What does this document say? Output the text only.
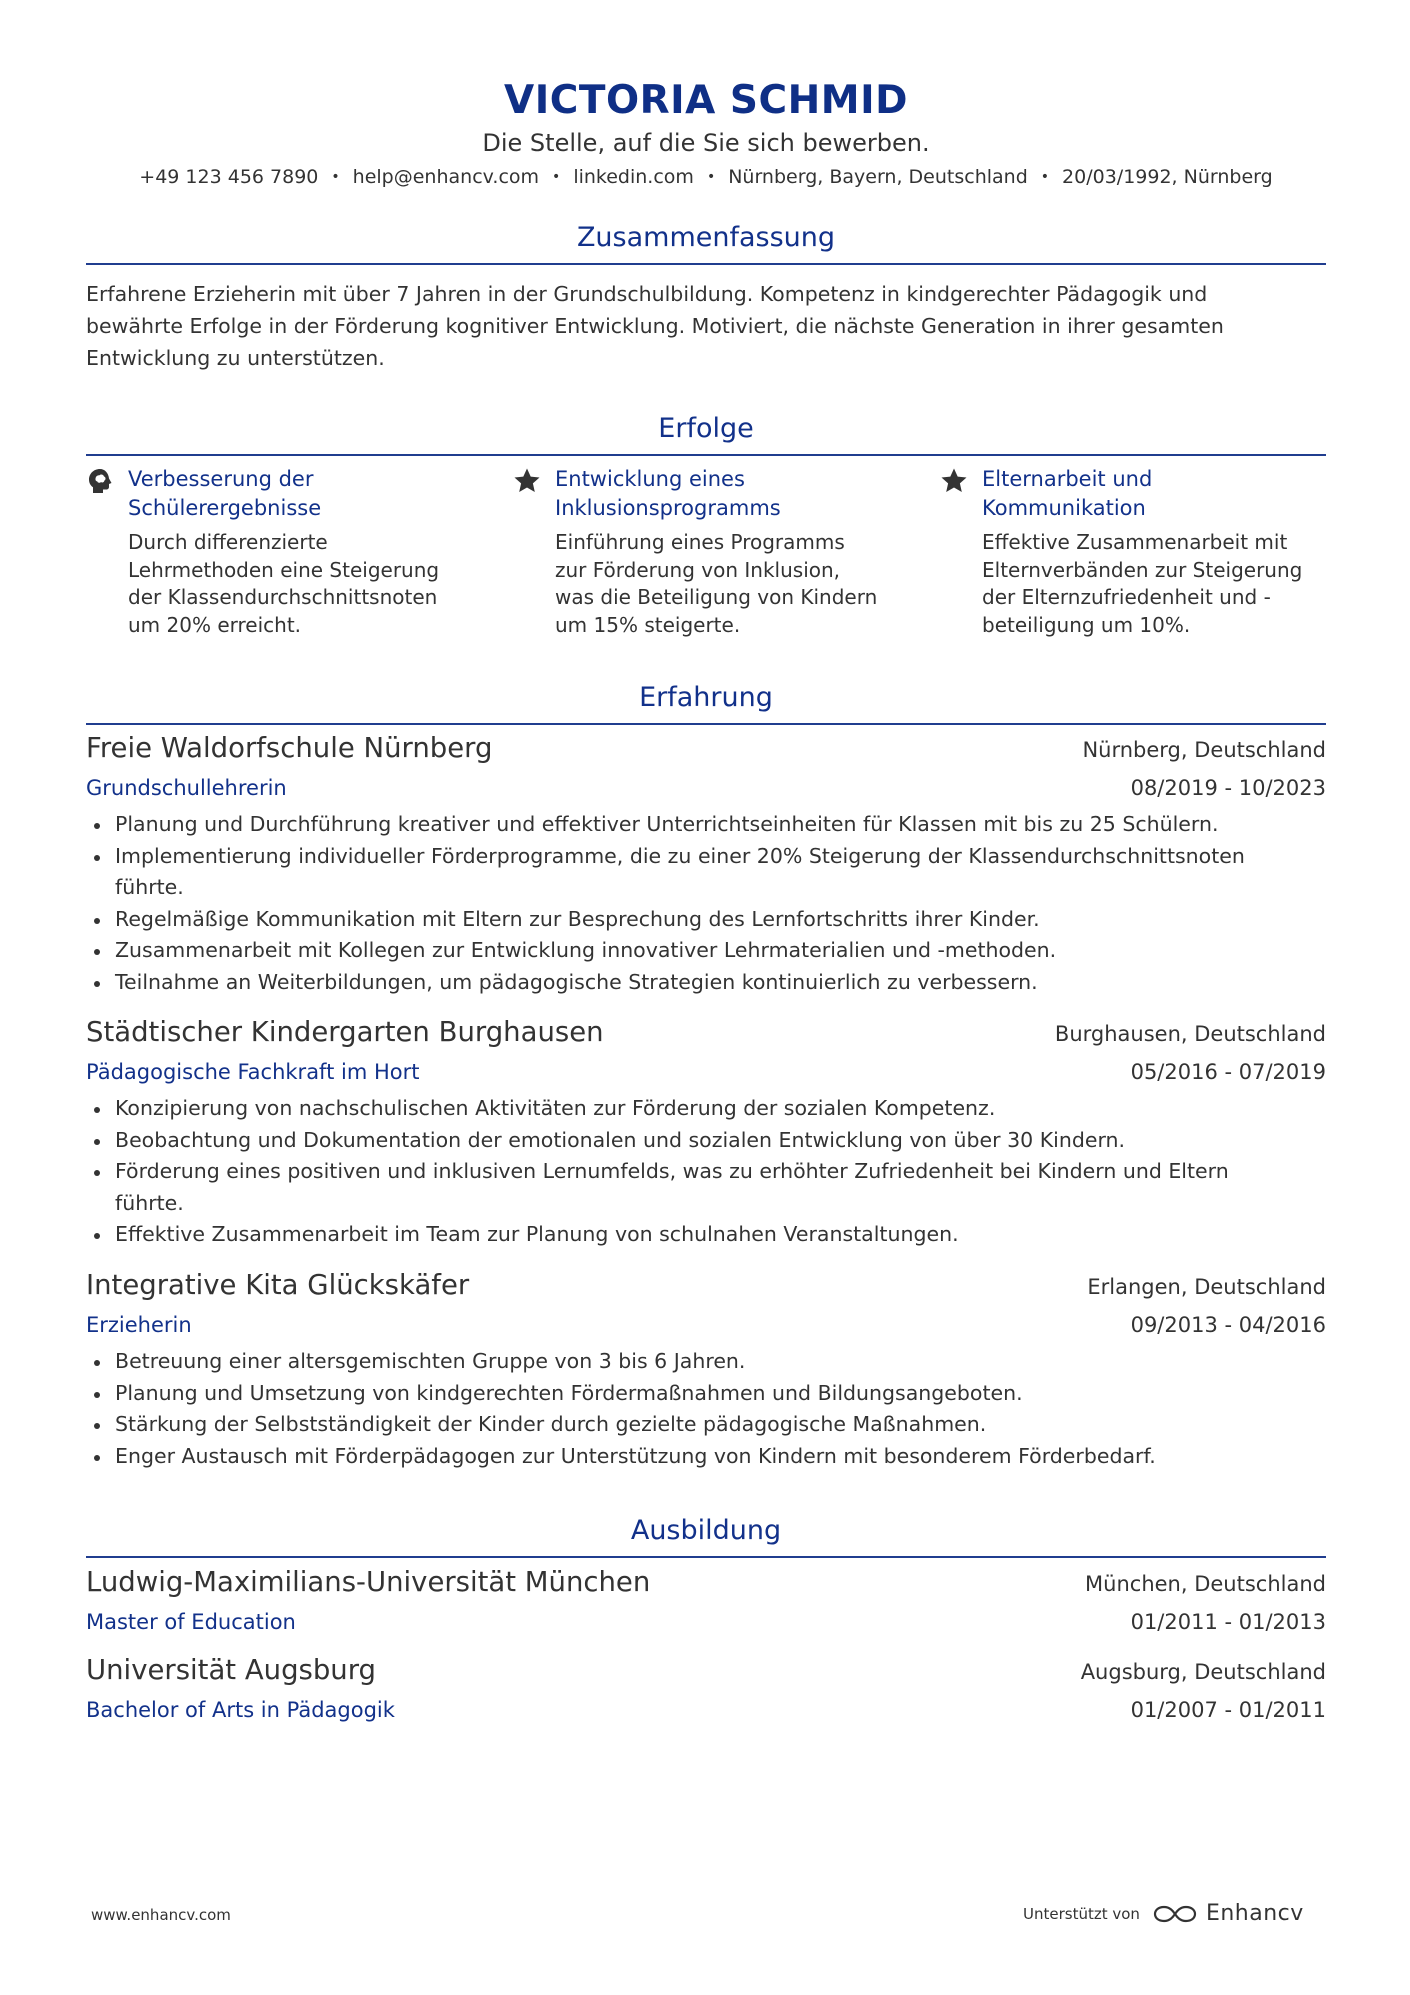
VICTORIA SCHMID
Die Stelle, auf die Sie sich bewerben.
+49 123 456 7890 • help@enhancv.com • linkedin.com • Nürnberg, Bayern, Deutschland • 20/03/1992, Nürnberg
Zusammenfassung
Erfahrene Erzieherin mit über 7 Jahren in der Grundschulbildung. Kompetenz in kindgerechter Pädagogik und
bewährte Erfolge in der Förderung kognitiver Entwicklung. Motiviert, die nächste Generation in ihrer gesamten
Entwicklung zu unterstützen.
Erfolge
Verbesserung der
Schülerergebnisse
Durch differenzierte
Lehrmethoden eine Steigerung
der Klassendurchschnittsnoten
um 20% erreicht.
Entwicklung eines
Inklusionsprogramms
Einführung eines Programms
zur Förderung von Inklusion,
was die Beteiligung von Kindern
um 15% steigerte.
Elternarbeit und
Kommunikation
Effektive Zusammenarbeit mit
Elternverbänden zur Steigerung
der Elternzufriedenheit und -
beteiligung um 10%.
Erfahrung
Freie Waldorfschule Nürnberg	Nürnberg, Deutschland
Grundschullehrerin	08/2019 - 10/2023
Planung und Durchführung kreativer und effektiver Unterrichtseinheiten für Klassen mit bis zu 25 Schülern.
Implementierung individueller Förderprogramme, die zu einer 20% Steigerung der Klassendurchschnittsnoten
führte.
Regelmäßige Kommunikation mit Eltern zur Besprechung des Lernfortschritts ihrer Kinder.
Zusammenarbeit mit Kollegen zur Entwicklung innovativer Lehrmaterialien und -methoden.
Teilnahme an Weiterbildungen, um pädagogische Strategien kontinuierlich zu verbessern.
Städtischer Kindergarten Burghausen	Burghausen, Deutschland
Pädagogische Fachkraft im Hort	05/2016 - 07/2019
Konzipierung von nachschulischen Aktivitäten zur Förderung der sozialen Kompetenz.
Beobachtung und Dokumentation der emotionalen und sozialen Entwicklung von über 30 Kindern.
Förderung eines positiven und inklusiven Lernumfelds, was zu erhöhter Zufriedenheit bei Kindern und Eltern
führte.
Effektive Zusammenarbeit im Team zur Planung von schulnahen Veranstaltungen.
Integrative Kita Glückskäfer	Erlangen, Deutschland
Erzieherin	09/2013 - 04/2016
Betreuung einer altersgemischten Gruppe von 3 bis 6 Jahren.
Planung und Umsetzung von kindgerechten Fördermaßnahmen und Bildungsangeboten.
Stärkung der Selbstständigkeit der Kinder durch gezielte pädagogische Maßnahmen.
Enger Austausch mit Förderpädagogen zur Unterstützung von Kindern mit besonderem Förderbedarf.
Ausbildung
Ludwig-Maximilians-Universität München	München, Deutschland
Master of Education	01/2011 - 01/2013
Universität Augsburg	Augsburg, Deutschland
Bachelor of Arts in Pädagogik	01/2007 - 01/2011
www.enhancv.com	Unterstützt von	Enhancv
